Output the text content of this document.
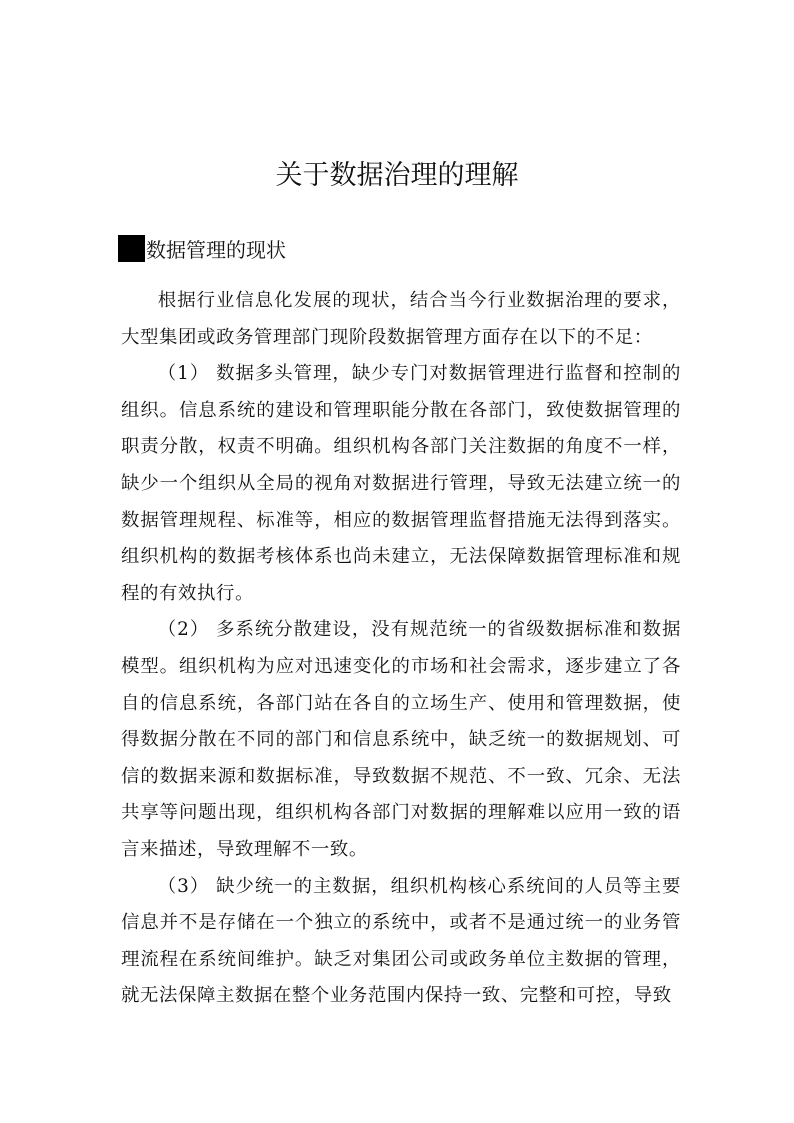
关于数据治理的理解
数据管理的现状

根据行业信息化发展的现状，结合当今行业数据治理的要求，大型集团或政务管理部门现阶段数据管理方面存在以下的不足：

（1） 数据多头管理，缺少专门对数据管理进行监督和控制的组织。信息系统的建设和管理职能分散在各部门，致使数据管理的职责分散，权责不明确。组织机构各部门关注数据的角度不一样，缺少一个组织从全局的视角对数据进行管理，导致无法建立统一的数据管理规程、标准等，相应的数据管理监督措施无法得到落实。组织机构的数据考核体系也尚未建立，无法保障数据管理标准和规程的有效执行。

（2） 多系统分散建设，没有规范统一的省级数据标准和数据模型。组织机构为应对迅速变化的市场和社会需求，逐步建立了各自的信息系统，各部门站在各自的立场生产、使用和管理数据，使得数据分散在不同的部门和信息系统中，缺乏统一的数据规划、可信的数据来源和数据标准，导致数据不规范、不一致、冗余、无法共享等问题出现，组织机构各部门对数据的理解难以应用一致的语言来描述，导致理解不一致。

（3） 缺少统一的主数据，组织机构核心系统间的人员等主要信息并不是存储在一个独立的系统中，或者不是通过统一的业务管理流程在系统间维护。缺乏对集团公司或政务单位主数据的管理，就无法保障主数据在整个业务范围内保持一致、完整和可控，导致
